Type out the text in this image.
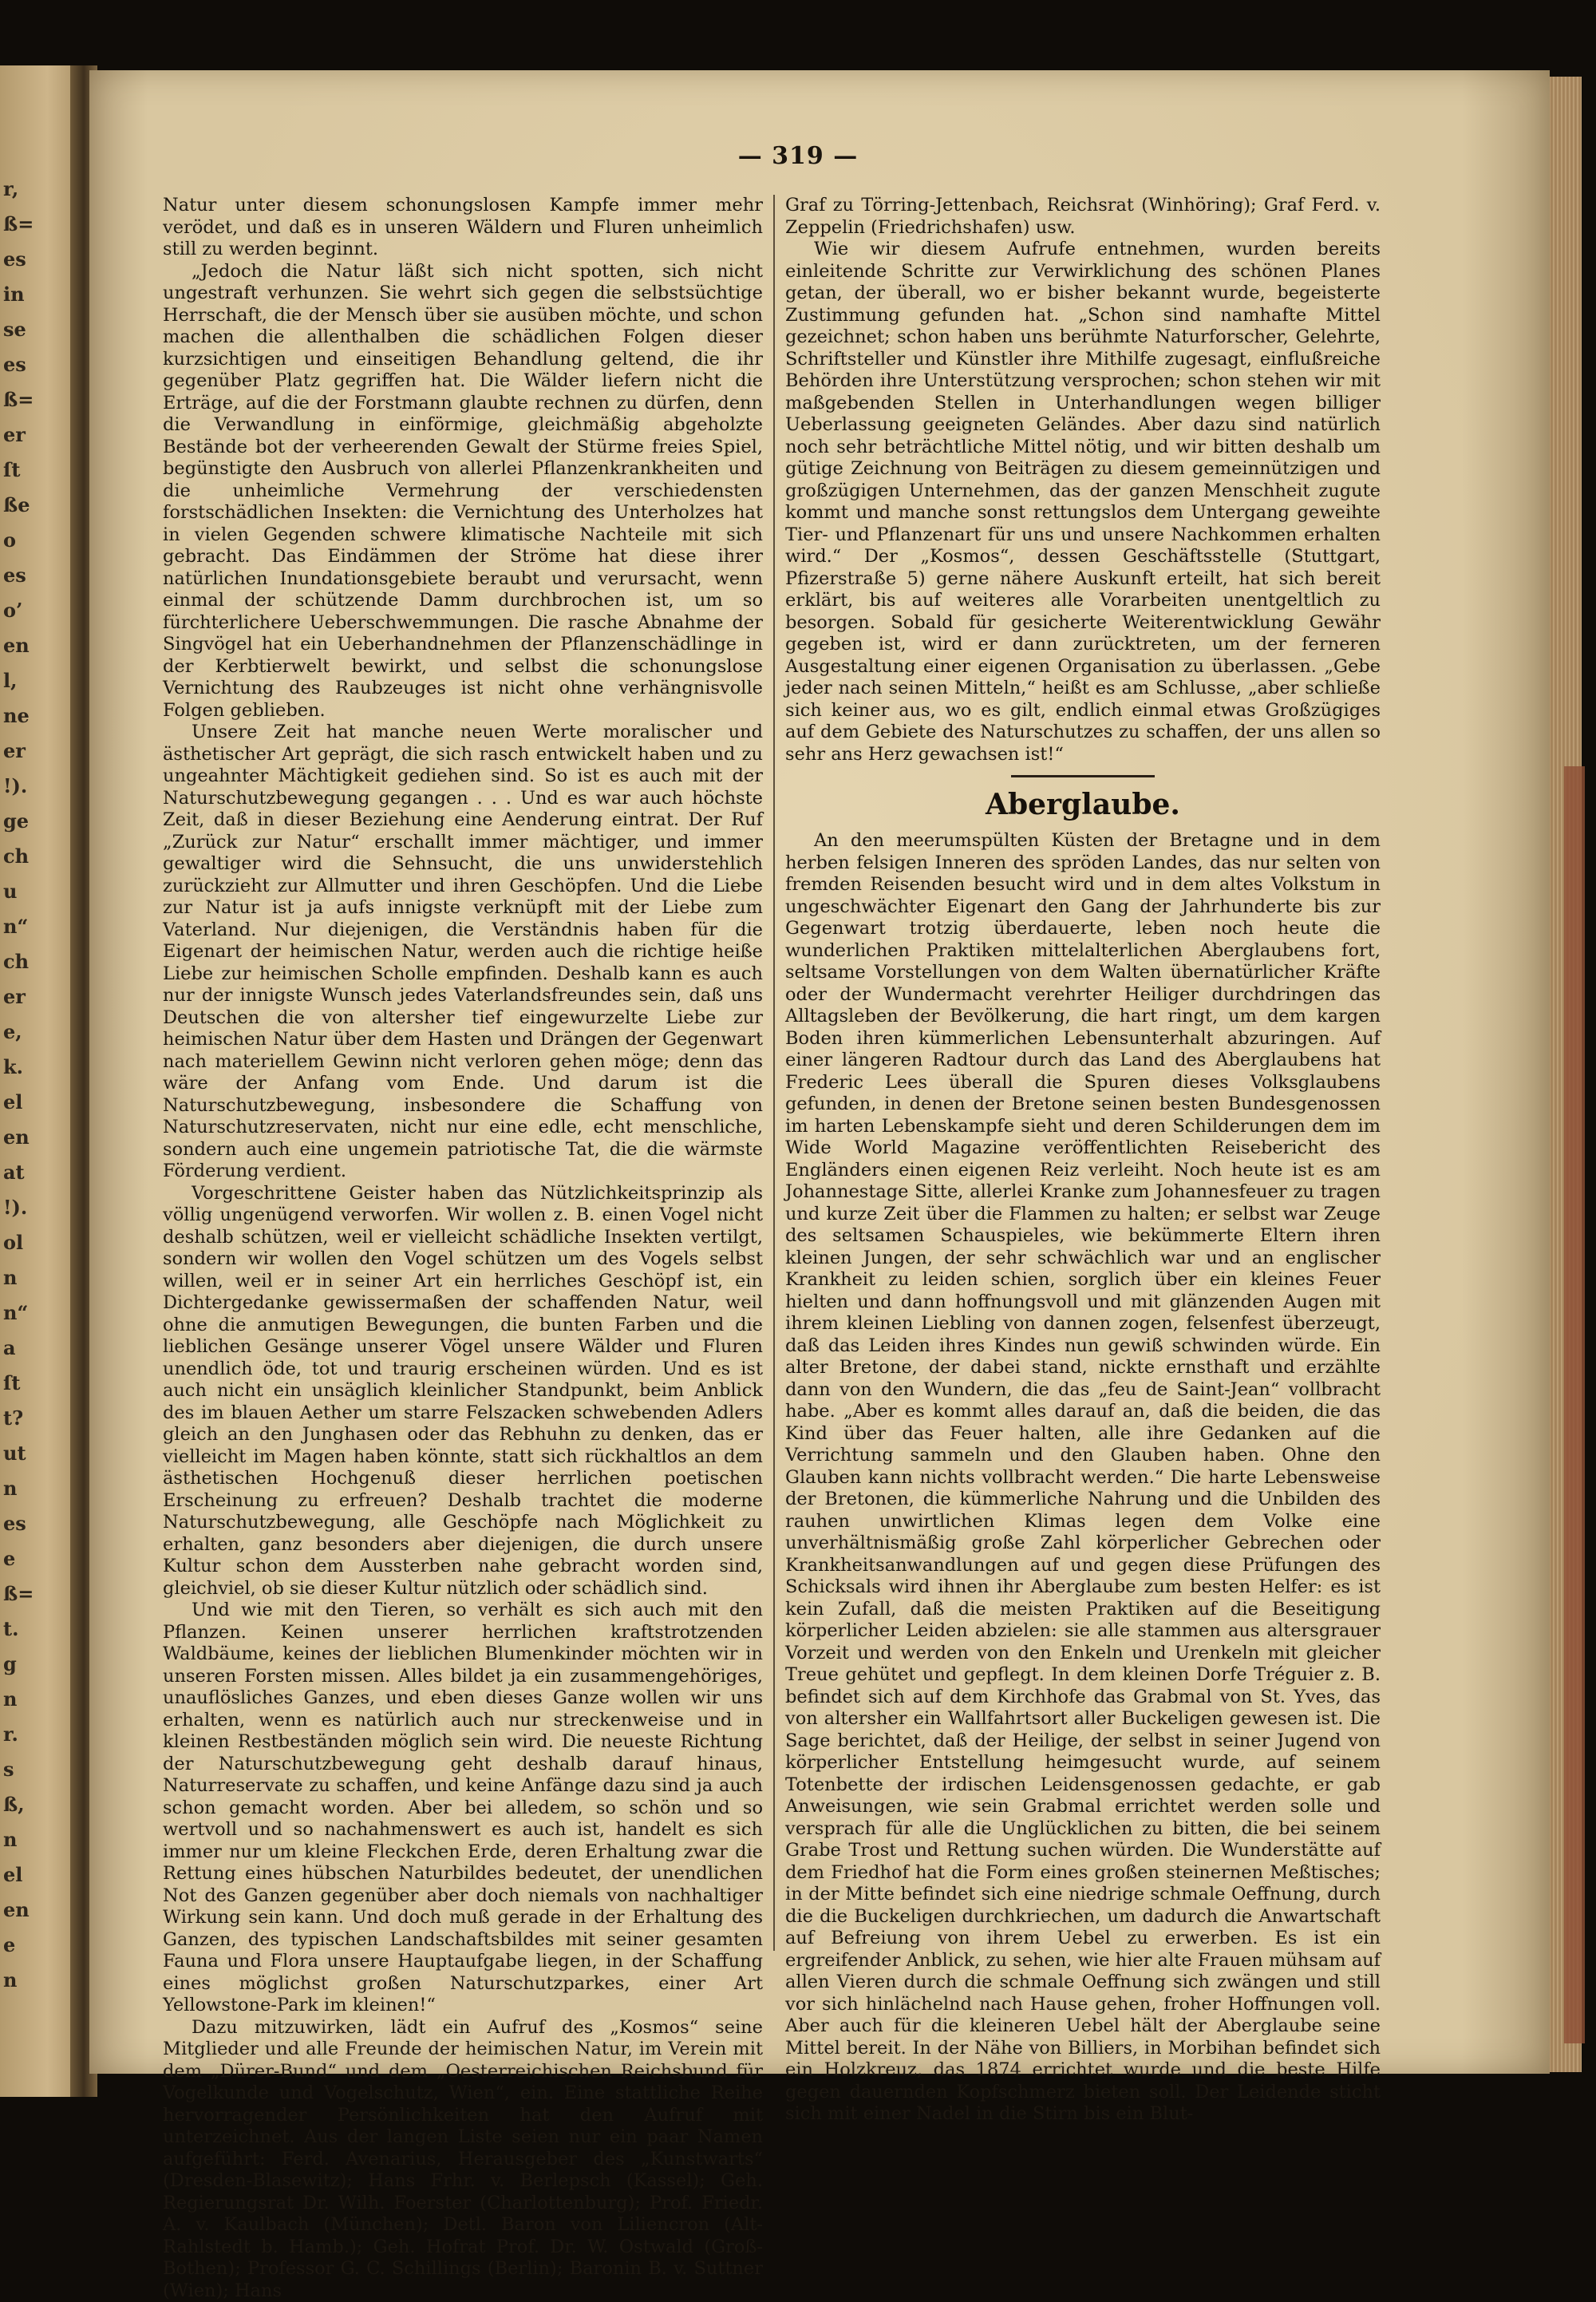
r,
ß=
es
in
se
es
ß=
er
ſt
ße
o
es
o’
en
l,
ne
er
!).
ge
ch
u
n“
ch
er
e,
k.
el
en
at
!).
ol
n
n“
a
ſt
t?
ut
n
es
e
ß=
t.
g
n
r.
s
ß,
n
el
en
e
n
— 319 —

Natur unter diesem schonungslosen Kampfe immer mehr verödet, und daß es in unseren Wäldern und Fluren unheimlich still zu werden beginnt.

„Jedoch die Natur läßt sich nicht spotten, sich nicht ungestraft verhunzen. Sie wehrt sich gegen die selbstsüchtige Herrschaft, die der Mensch über sie ausüben möchte, und schon machen die allenthalben die schädlichen Folgen dieser kurzsichtigen und einseitigen Behandlung geltend, die ihr gegenüber Platz gegriffen hat. Die Wälder liefern nicht die Erträge, auf die der Forstmann glaubte rechnen zu dürfen, denn die Verwandlung in einförmige, gleichmäßig abgeholzte Bestände bot der verheerenden Gewalt der Stürme freies Spiel, begünstigte den Ausbruch von allerlei Pflanzenkrankheiten und die unheimliche Vermehrung der verschiedensten forstschädlichen Insekten: die Vernichtung des Unterholzes hat in vielen Gegenden schwere klimatische Nachteile mit sich gebracht. Das Eindämmen der Ströme hat diese ihrer natürlichen Inundationsgebiete beraubt und verursacht, wenn einmal der schützende Damm durchbrochen ist, um so fürchterlichere Ueberschwemmungen. Die rasche Abnahme der Singvögel hat ein Ueberhandnehmen der Pflanzenschädlinge in der Kerbtierwelt bewirkt, und selbst die schonungslose Vernichtung des Raubzeuges ist nicht ohne verhängnisvolle Folgen geblieben.

Unsere Zeit hat manche neuen Werte moralischer und ästhetischer Art geprägt, die sich rasch entwickelt haben und zu ungeahnter Mächtigkeit gediehen sind. So ist es auch mit der Naturschutzbewegung gegangen . . . Und es war auch höchste Zeit, daß in dieser Beziehung eine Aenderung eintrat. Der Ruf „Zurück zur Natur“ erschallt immer mächtiger, und immer gewaltiger wird die Sehnsucht, die uns unwiderstehlich zurückzieht zur Allmutter und ihren Geschöpfen. Und die Liebe zur Natur ist ja aufs innigste verknüpft mit der Liebe zum Vaterland. Nur diejenigen, die Verständnis haben für die Eigenart der heimischen Natur, werden auch die richtige heiße Liebe zur heimischen Scholle empfinden. Deshalb kann es auch nur der innigste Wunsch jedes Vaterlandsfreundes sein, daß uns Deutschen die von altersher tief eingewurzelte Liebe zur heimischen Natur über dem Hasten und Drängen der Gegenwart nach materiellem Gewinn nicht verloren gehen möge; denn das wäre der Anfang vom Ende. Und darum ist die Naturschutzbewegung, insbesondere die Schaffung von Naturschutzreservaten, nicht nur eine edle, echt menschliche, sondern auch eine ungemein patriotische Tat, die die wärmste Förderung verdient.

Vorgeschrittene Geister haben das Nützlichkeitsprinzip als völlig ungenügend verworfen. Wir wollen z. B. einen Vogel nicht deshalb schützen, weil er vielleicht schädliche Insekten vertilgt, sondern wir wollen den Vogel schützen um des Vogels selbst willen, weil er in seiner Art ein herrliches Geschöpf ist, ein Dichtergedanke gewissermaßen der schaffenden Natur, weil ohne die anmutigen Bewegungen, die bunten Farben und die lieblichen Gesänge unserer Vögel unsere Wälder und Fluren unendlich öde, tot und traurig erscheinen würden. Und es ist auch nicht ein unsäglich kleinlicher Standpunkt, beim Anblick des im blauen Aether um starre Felszacken schwebenden Adlers gleich an den Junghasen oder das Rebhuhn zu denken, das er vielleicht im Magen haben könnte, statt sich rückhaltlos an dem ästhetischen Hochgenuß dieser herrlichen poetischen Erscheinung zu erfreuen? Deshalb trachtet die moderne Naturschutzbewegung, alle Geschöpfe nach Möglichkeit zu erhalten, ganz besonders aber diejenigen, die durch unsere Kultur schon dem Aussterben nahe gebracht worden sind, gleichviel, ob sie dieser Kultur nützlich oder schädlich sind.

Und wie mit den Tieren, so verhält es sich auch mit den Pflanzen. Keinen unserer herrlichen kraftstrotzenden Waldbäume, keines der lieblichen Blumenkinder möchten wir in unseren Forsten missen. Alles bildet ja ein zusammengehöriges, unauflösliches Ganzes, und eben dieses Ganze wollen wir uns erhalten, wenn es natürlich auch nur streckenweise und in kleinen Restbeständen möglich sein wird. Die neueste Richtung der Naturschutzbewegung geht deshalb darauf hinaus, Naturreservate zu schaffen, und keine Anfänge dazu sind ja auch schon gemacht worden. Aber bei alledem, so schön und so wertvoll und so nachahmenswert es auch ist, handelt es sich immer nur um kleine Fleckchen Erde, deren Erhaltung zwar die Rettung eines hübschen Naturbildes bedeutet, der unendlichen Not des Ganzen gegenüber aber doch niemals von nachhaltiger Wirkung sein kann. Und doch muß gerade in der Erhaltung des Ganzen, des typischen Landschaftsbildes mit seiner gesamten Fauna und Flora unsere Hauptaufgabe liegen, in der Schaffung eines möglichst großen Naturschutzparkes, einer Art Yellowstone-Park im kleinen!“

Dazu mitzuwirken, lädt ein Aufruf des „Kosmos“ seine Mitglieder und alle Freunde der heimischen Natur, im Verein mit dem „Dürer-Bund“ und dem „Oesterreichischen Reichsbund für Vogelkunde und Vogelschutz, Wien“, ein. Eine stattliche Reihe hervorragender Persönlichkeiten hat den Aufruf mit unterzeichnet. Aus der langen Liste seien nur ein paar Namen aufgeführt: Ferd. Avenarius, Herausgeber des „Kunstwarts“ (Dresden-Blasewitz); Hans Frhr. v. Berlepsch (Kassel); Geh. Regierungsrat Dr. Wilh. Foerster (Charlottenburg); Prof. Friedr. A. v. Kaulbach (München); Detl. Baron von Liliencron (Alt-Rahlstedt b. Hamb.); Geh. Hofrat Prof. Dr. W. Ostwald (Groß-Bothen); Professor G. C. Schillings (Berlin); Baronin B. v. Suttner (Wien); Hans

Graf zu Törring-Jettenbach, Reichsrat (Winhöring); Graf Ferd. v. Zeppelin (Friedrichshafen) usw.

Wie wir diesem Aufrufe entnehmen, wurden bereits einleitende Schritte zur Verwirklichung des schönen Planes getan, der überall, wo er bisher bekannt wurde, begeisterte Zustimmung gefunden hat. „Schon sind namhafte Mittel gezeichnet; schon haben uns berühmte Naturforscher, Gelehrte, Schriftsteller und Künstler ihre Mithilfe zugesagt, einflußreiche Behörden ihre Unterstützung versprochen; schon stehen wir mit maßgebenden Stellen in Unterhandlungen wegen billiger Ueberlassung geeigneten Geländes. Aber dazu sind natürlich noch sehr beträchtliche Mittel nötig, und wir bitten deshalb um gütige Zeichnung von Beiträgen zu diesem gemeinnützigen und großzügigen Unternehmen, das der ganzen Menschheit zugute kommt und manche sonst rettungslos dem Untergang geweihte Tier- und Pflanzenart für uns und unsere Nachkommen erhalten wird.“ Der „Kosmos“, dessen Geschäftsstelle (Stuttgart, Pfizerstraße 5) gerne nähere Auskunft erteilt, hat sich bereit erklärt, bis auf weiteres alle Vorarbeiten unentgeltlich zu besorgen. Sobald für gesicherte Weiterentwicklung Gewähr gegeben ist, wird er dann zurücktreten, um der ferneren Ausgestaltung einer eigenen Organisation zu überlassen. „Gebe jeder nach seinen Mitteln,“ heißt es am Schlusse, „aber schließe sich keiner aus, wo es gilt, endlich einmal etwas Großzügiges auf dem Gebiete des Naturschutzes zu schaffen, der uns allen so sehr ans Herz gewachsen ist!“

Aberglaube.

An den meerumspülten Küsten der Bretagne und in dem herben felsigen Inneren des spröden Landes, das nur selten von fremden Reisenden besucht wird und in dem altes Volkstum in ungeschwächter Eigenart den Gang der Jahrhunderte bis zur Gegenwart trotzig überdauerte, leben noch heute die wunderlichen Praktiken mittelalterlichen Aberglaubens fort, seltsame Vorstellungen von dem Walten übernatürlicher Kräfte oder der Wundermacht verehrter Heiliger durchdringen das Alltagsleben der Bevölkerung, die hart ringt, um dem kargen Boden ihren kümmerlichen Lebensunterhalt abzuringen. Auf einer längeren Radtour durch das Land des Aberglaubens hat Frederic Lees überall die Spuren dieses Volksglaubens gefunden, in denen der Bretone seinen besten Bundesgenossen im harten Lebenskampfe sieht und deren Schilderungen dem im Wide World Magazine veröffentlichten Reisebericht des Engländers einen eigenen Reiz verleiht. Noch heute ist es am Johannestage Sitte, allerlei Kranke zum Johannesfeuer zu tragen und kurze Zeit über die Flammen zu halten; er selbst war Zeuge des seltsamen Schauspieles, wie bekümmerte Eltern ihren kleinen Jungen, der sehr schwächlich war und an englischer Krankheit zu leiden schien, sorglich über ein kleines Feuer hielten und dann hoffnungsvoll und mit glänzenden Augen mit ihrem kleinen Liebling von dannen zogen, felsenfest überzeugt, daß das Leiden ihres Kindes nun gewiß schwinden würde. Ein alter Bretone, der dabei stand, nickte ernsthaft und erzählte dann von den Wundern, die das „feu de Saint-Jean“ vollbracht habe. „Aber es kommt alles darauf an, daß die beiden, die das Kind über das Feuer halten, alle ihre Gedanken auf die Verrichtung sammeln und den Glauben haben. Ohne den Glauben kann nichts vollbracht werden.“ Die harte Lebensweise der Bretonen, die kümmerliche Nahrung und die Unbilden des rauhen unwirtlichen Klimas legen dem Volke eine unverhältnismäßig große Zahl körperlicher Gebrechen oder Krankheitsanwandlungen auf und gegen diese Prüfungen des Schicksals wird ihnen ihr Aberglaube zum besten Helfer: es ist kein Zufall, daß die meisten Praktiken auf die Beseitigung körperlicher Leiden abzielen: sie alle stammen aus altersgrauer Vorzeit und werden von den Enkeln und Urenkeln mit gleicher Treue gehütet und gepflegt. In dem kleinen Dorfe Tréguier z. B. befindet sich auf dem Kirchhofe das Grabmal von St. Yves, das von altersher ein Wallfahrtsort aller Buckeligen gewesen ist. Die Sage berichtet, daß der Heilige, der selbst in seiner Jugend von körperlicher Entstellung heimgesucht wurde, auf seinem Totenbette der irdischen Leidensgenossen gedachte, er gab Anweisungen, wie sein Grabmal errichtet werden solle und versprach für alle die Unglücklichen zu bitten, die bei seinem Grabe Trost und Rettung suchen würden. Die Wunderstätte auf dem Friedhof hat die Form eines großen steinernen Meßtisches; in der Mitte befindet sich eine niedrige schmale Oeffnung, durch die die Buckeligen durchkriechen, um dadurch die Anwartschaft auf Befreiung von ihrem Uebel zu erwerben. Es ist ein ergreifender Anblick, zu sehen, wie hier alte Frauen mühsam auf allen Vieren durch die schmale Oeffnung sich zwängen und still vor sich hinlächelnd nach Hause gehen, froher Hoffnungen voll. Aber auch für die kleineren Uebel hält der Aberglaube seine Mittel bereit. In der Nähe von Billiers, in Morbihan befindet sich ein Holzkreuz, das 1874 errichtet wurde und die beste Hilfe gegen dauernden Kopfschmerz bieten soll. Der Leidende sticht sich mit einer Nadel in die Stirn bis ein Blut-
